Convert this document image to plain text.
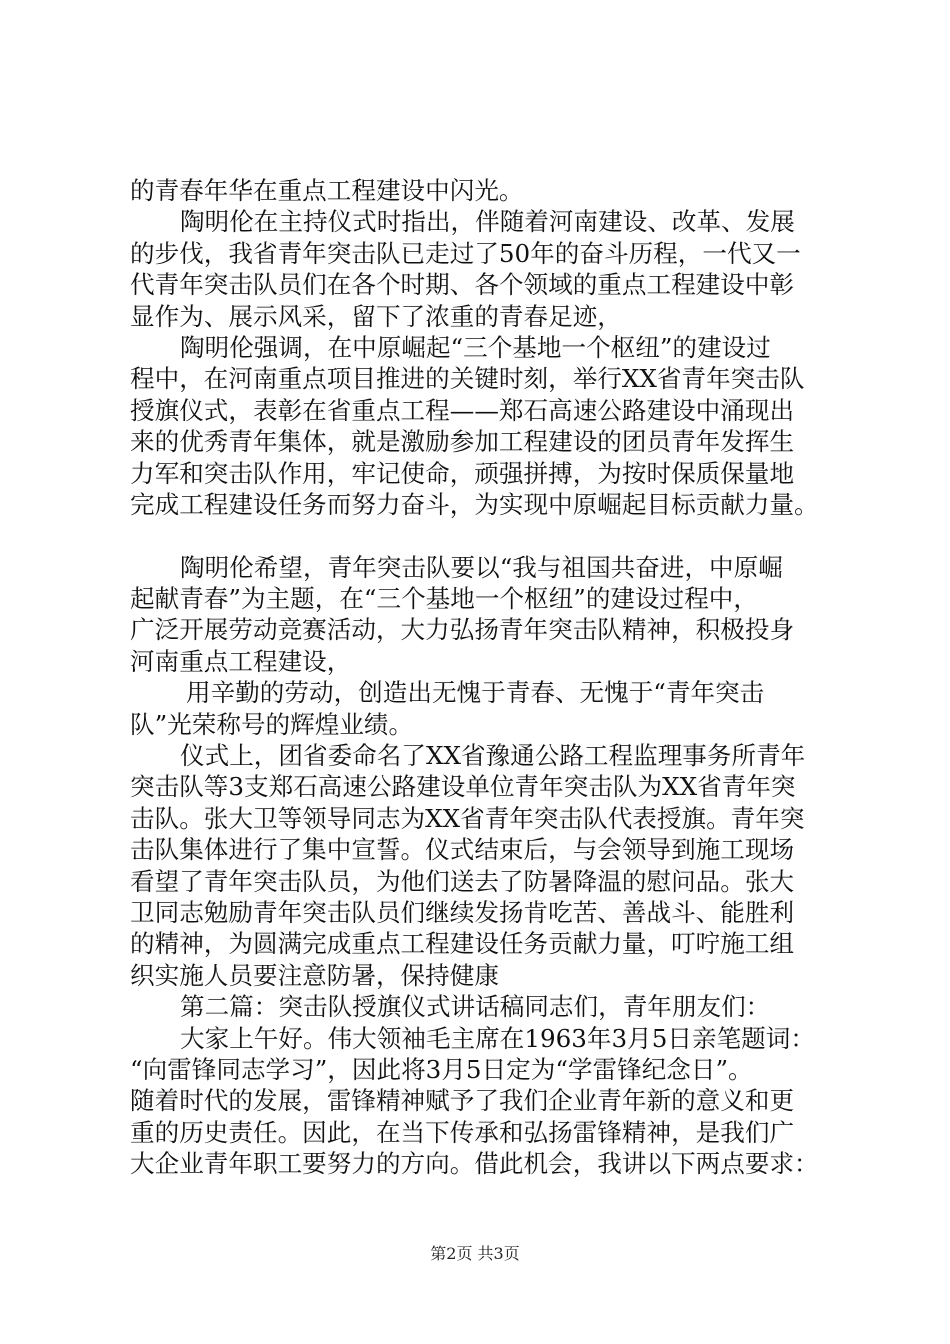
的青春年华在重点工程建设中闪光。
陶明伦在主持仪式时指出，伴随着河南建设、改革、发展
的步伐，我省青年突击队已走过了50年的奋斗历程，一代又一
代青年突击队员们在各个时期、各个领域的重点工程建设中彰
显作为、展示风采，留下了浓重的青春足迹，
陶明伦强调，在中原崛起“三个基地一个枢纽”的建设过
程中，在河南重点项目推进的关键时刻，举行XX省青年突击队
授旗仪式，表彰在省重点工程——郑石高速公路建设中涌现出
来的优秀青年集体，就是激励参加工程建设的团员青年发挥生
力军和突击队作用，牢记使命，顽强拼搏，为按时保质保量地
完成工程建设任务而努力奋斗，为实现中原崛起目标贡献力量。
陶明伦希望，青年突击队要以“我与祖国共奋进，中原崛
起献青春”为主题，在“三个基地一个枢纽”的建设过程中，
广泛开展劳动竞赛活动，大力弘扬青年突击队精神，积极投身
河南重点工程建设，
用辛勤的劳动，创造出无愧于青春、无愧于“青年突击
队”光荣称号的辉煌业绩。
仪式上，团省委命名了XX省豫通公路工程监理事务所青年
突击队等3支郑石高速公路建设单位青年突击队为XX省青年突
击队。张大卫等领导同志为XX省青年突击队代表授旗。青年突
击队集体进行了集中宣誓。仪式结束后，与会领导到施工现场
看望了青年突击队员，为他们送去了防暑降温的慰问品。张大
卫同志勉励青年突击队员们继续发扬肯吃苦、善战斗、能胜利
的精神，为圆满完成重点工程建设任务贡献力量，叮咛施工组
织实施人员要注意防暑，保持健康
第二篇：突击队授旗仪式讲话稿同志们，青年朋友们：
大家上午好。伟大领袖毛主席在1963年3月5日亲笔题词：
“向雷锋同志学习”，因此将3月5日定为“学雷锋纪念日”。
随着时代的发展，雷锋精神赋予了我们企业青年新的意义和更
重的历史责任。因此，在当下传承和弘扬雷锋精神，是我们广
大企业青年职工要努力的方向。借此机会，我讲以下两点要求：
第2页 共3页
